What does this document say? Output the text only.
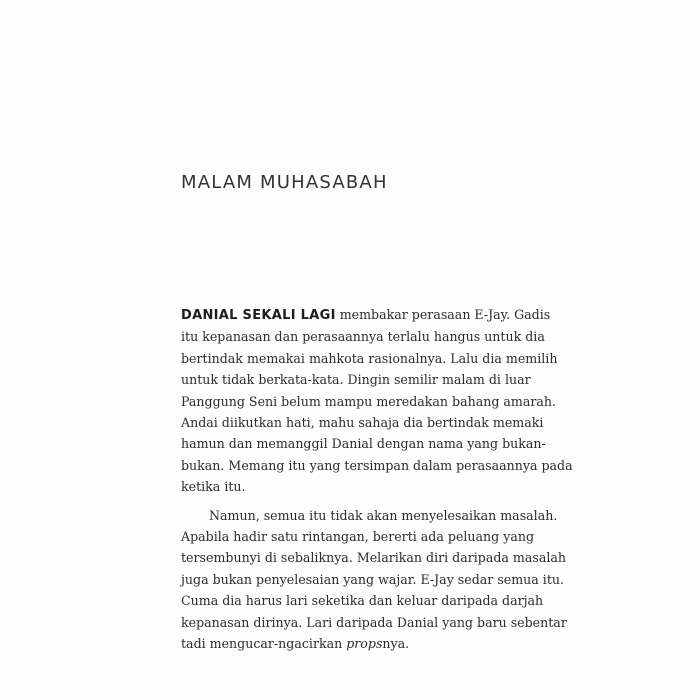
MALAM MUHASABAH

DANIAL SEKALI LAGI membakar perasaan E-Jay. Gadis
itu kepanasan dan perasaannya terlalu hangus untuk dia
bertindak memakai mahkota rasionalnya. Lalu dia memilih
untuk tidak berkata-kata. Dingin semilir malam di luar
Panggung Seni belum mampu meredakan bahang amarah.
Andai diikutkan hati, mahu sahaja dia bertindak memaki
hamun dan memanggil Danial dengan nama yang bukan-
bukan. Memang itu yang tersimpan dalam perasaannya pada
ketika itu.

Namun, semua itu tidak akan menyelesaikan masalah.
Apabila hadir satu rintangan, bererti ada peluang yang
tersembunyi di sebaliknya. Melarikan diri daripada masalah
juga bukan penyelesaian yang wajar. E-Jay sedar semua itu.
Cuma dia harus lari seketika dan keluar daripada darjah
kepanasan dirinya. Lari daripada Danial yang baru sebentar
tadi mengucar-ngacirkan propsnya.
